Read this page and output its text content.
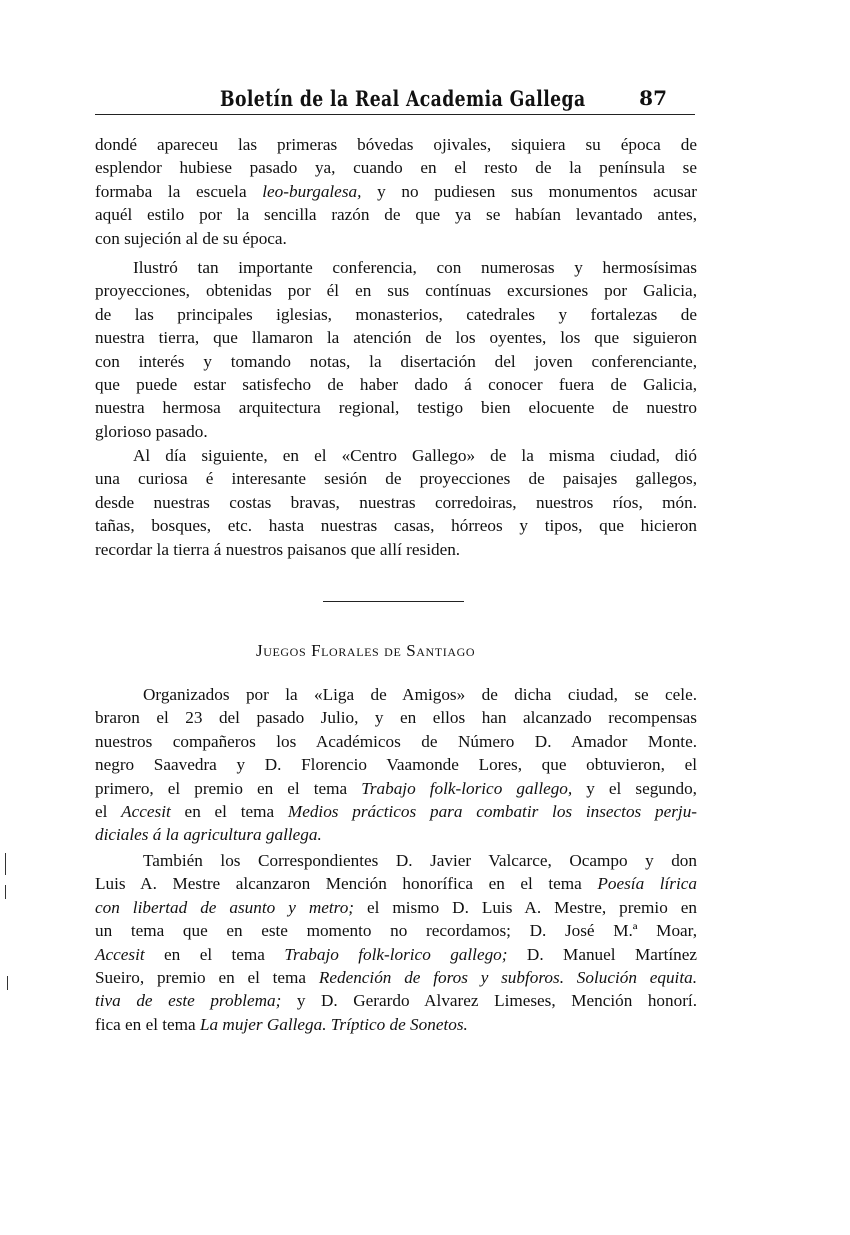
Boletín de la Real Academia Gallega	87
dondé apareceu las primeras bóvedas ojivales, siquiera su época de
esplendor hubiese pasado ya, cuando en el resto de la península se
formaba la escuela leo-burgalesa, y no pudiesen sus monumentos acusar
aquél estilo por la sencilla razón de que ya se habían levantado antes,
con sujeción al de su época.
Ilustró tan importante conferencia, con numerosas y hermosísimas
proyecciones, obtenidas por él en sus contínuas excursiones por Galicia,
de las principales iglesias, monasterios, catedrales y fortalezas de
nuestra tierra, que llamaron la atención de los oyentes, los que siguieron
con interés y tomando notas, la disertación del joven conferenciante,
que puede estar satisfecho de haber dado á conocer fuera de Galicia,
nuestra hermosa arquitectura regional, testigo bien elocuente de nuestro
glorioso pasado.
Al día siguiente, en el «Centro Gallego» de la misma ciudad, dió
una curiosa é interesante sesión de proyecciones de paisajes gallegos,
desde nuestras costas bravas, nuestras corredoiras, nuestros ríos, món.
tañas, bosques, etc. hasta nuestras casas, hórreos y tipos, que hicieron
recordar la tierra á nuestros paisanos que allí residen.
Juegos Florales de Santiago
Organizados por la «Liga de Amigos» de dicha ciudad, se cele.
braron el 23 del pasado Julio, y en ellos han alcanzado recompensas
nuestros compañeros los Académicos de Número D. Amador Monte.
negro Saavedra y D. Florencio Vaamonde Lores, que obtuvieron, el
primero, el premio en el tema Trabajo folk-lorico gallego, y el segundo,
el Accesit en el tema Medios prácticos para combatir los insectos perju-
diciales á la agricultura gallega.
También los Correspondientes D. Javier Valcarce, Ocampo y don
Luis A. Mestre alcanzaron Mención honorífica en el tema Poesía lírica
con libertad de asunto y metro; el mismo D. Luis A. Mestre, premio en
un tema que en este momento no recordamos; D. José M.ª Moar,
Accesit en el tema Trabajo folk-lorico gallego; D. Manuel Martínez
Sueiro, premio en el tema Redención de foros y subforos. Solución equita.
tiva de este problema; y D. Gerardo Alvarez Limeses, Mención honorí.
fica en el tema La mujer Gallega. Tríptico de Sonetos.
